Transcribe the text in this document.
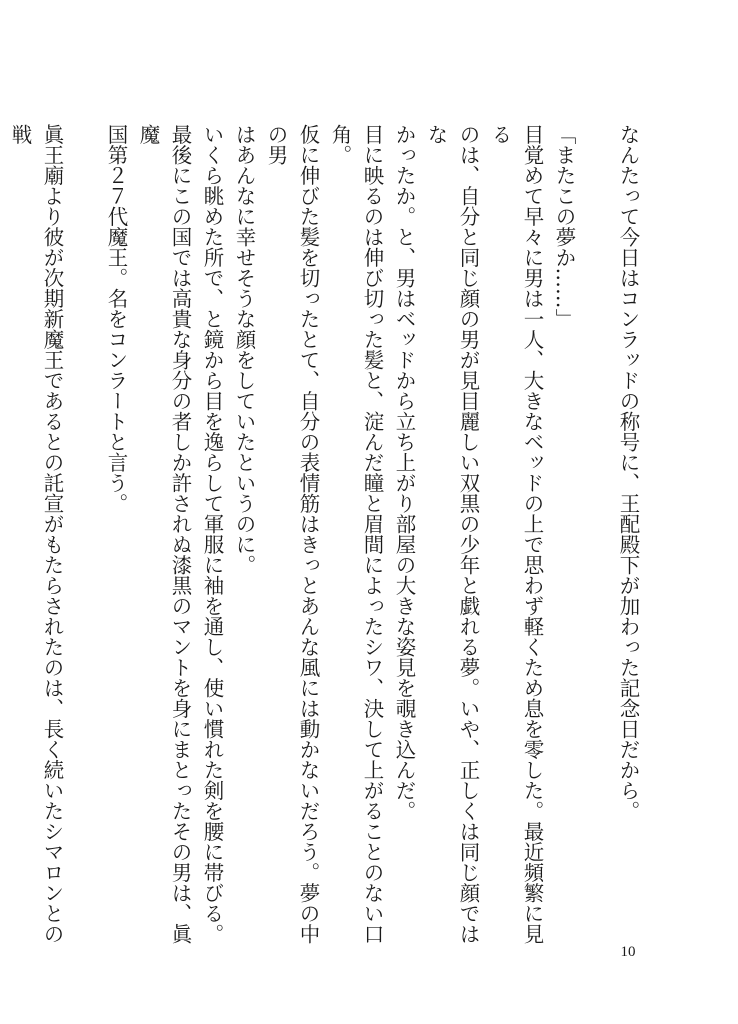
なんたって今日はコンラッドの称号に、王配殿下が加わった記念日だから。

「またこの夢か……」

目覚めて早々に男は一人、大きなベッドの上で思わず軽くため息を零した。最近頻繁に見る

のは、自分と同じ顔の男が見目麗しい双黒の少年と戯れる夢。いや、正しくは同じ顔ではな

かったか。と、男はベッドから立ち上がり部屋の大きな姿見を覗き込んだ。

目に映るのは伸び切った髪と、淀んだ瞳と眉間によったシワ、決して上がることのない口角。

仮に伸びた髪を切ったとて、自分の表情筋はきっとあんな風には動かないだろう。夢の中の男

はあんなに幸せそうな顔をしていたというのに。

いくら眺めた所で、と鏡から目を逸らして軍服に袖を通し、使い慣れた剣を腰に帯びる。

最後にこの国では高貴な身分の者しか許されぬ漆黒のマントを身にまとったその男は、眞魔

国第２７代魔王。名をコンラートと言う。

眞王廟より彼が次期新魔王であるとの託宣がもたらされたのは、長く続いたシマロンとの戦

10
